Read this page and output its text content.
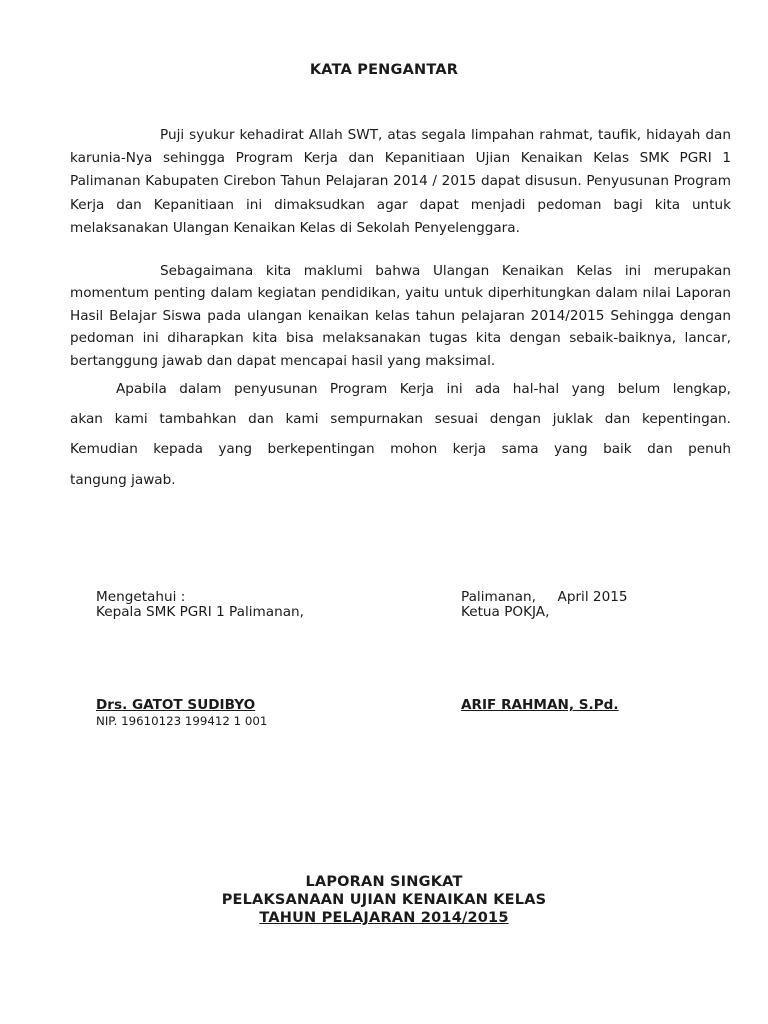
KATA PENGANTAR

Puji syukur kehadirat Allah SWT, atas segala limpahan rahmat, taufik, hidayah dan karunia-Nya sehingga Program Kerja dan Kepanitiaan Ujian Kenaikan Kelas SMK PGRI 1 Palimanan Kabupaten Cirebon Tahun Pelajaran 2014 / 2015 dapat disusun. Penyusunan Program Kerja dan Kepanitiaan ini dimaksudkan agar dapat menjadi pedoman bagi kita untuk melaksanakan Ulangan Kenaikan Kelas di Sekolah Penyelenggara.

Sebagaimana kita maklumi bahwa Ulangan Kenaikan Kelas ini merupakan momentum penting dalam kegiatan pendidikan, yaitu untuk diperhitungkan dalam nilai Laporan Hasil Belajar Siswa pada ulangan kenaikan kelas tahun pelajaran 2014/2015 Sehingga dengan pedoman ini diharapkan kita bisa melaksanakan tugas kita dengan sebaik-baiknya, lancar, bertanggung jawab dan dapat mencapai hasil yang maksimal.

Apabila dalam penyusunan Program Kerja ini ada hal-hal yang belum lengkap,
akan kami tambahkan dan kami sempurnakan sesuai dengan juklak dan kepentingan.
Kemudian kepada yang berkepentingan mohon kerja sama yang baik dan penuh
tangung jawab.
Mengetahui :
Kepala SMK PGRI 1 Palimanan,
Palimanan,     April 2015
Ketua POKJA,
Drs. GATOT SUDIBYO	ARIF RAHMAN, S.Pd.
NIP. 19610123 199412 1 001
LAPORAN SINGKAT
PELAKSANAAN UJIAN KENAIKAN KELAS
TAHUN PELAJARAN 2014/2015
